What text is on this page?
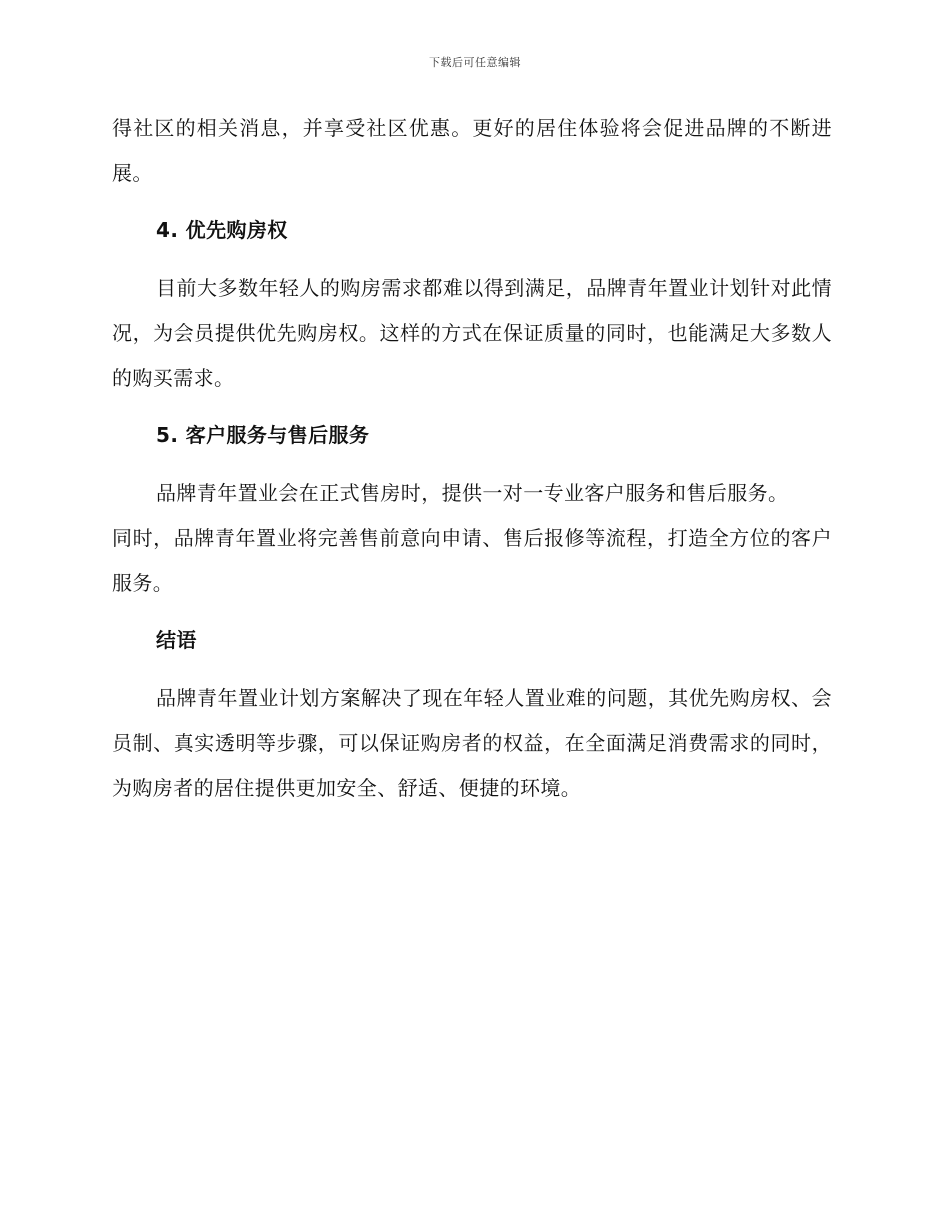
下载后可任意编辑

得社区的相关消息，并享受社区优惠。更好的居住体验将会促进品牌的不断进展。

4. 优先购房权

目前大多数年轻人的购房需求都难以得到满足，品牌青年置业计划针对此情况，为会员提供优先购房权。这样的方式在保证质量的同时，也能满足大多数人的购买需求。

5. 客户服务与售后服务

品牌青年置业会在正式售房时，提供一对一专业客户服务和售后服务。
同时，品牌青年置业将完善售前意向申请、售后报修等流程，打造全方位的客户服务。

结语

品牌青年置业计划方案解决了现在年轻人置业难的问题，其优先购房权、会员制、真实透明等步骤，可以保证购房者的权益，在全面满足消费需求的同时，为购房者的居住提供更加安全、舒适、便捷的环境。
